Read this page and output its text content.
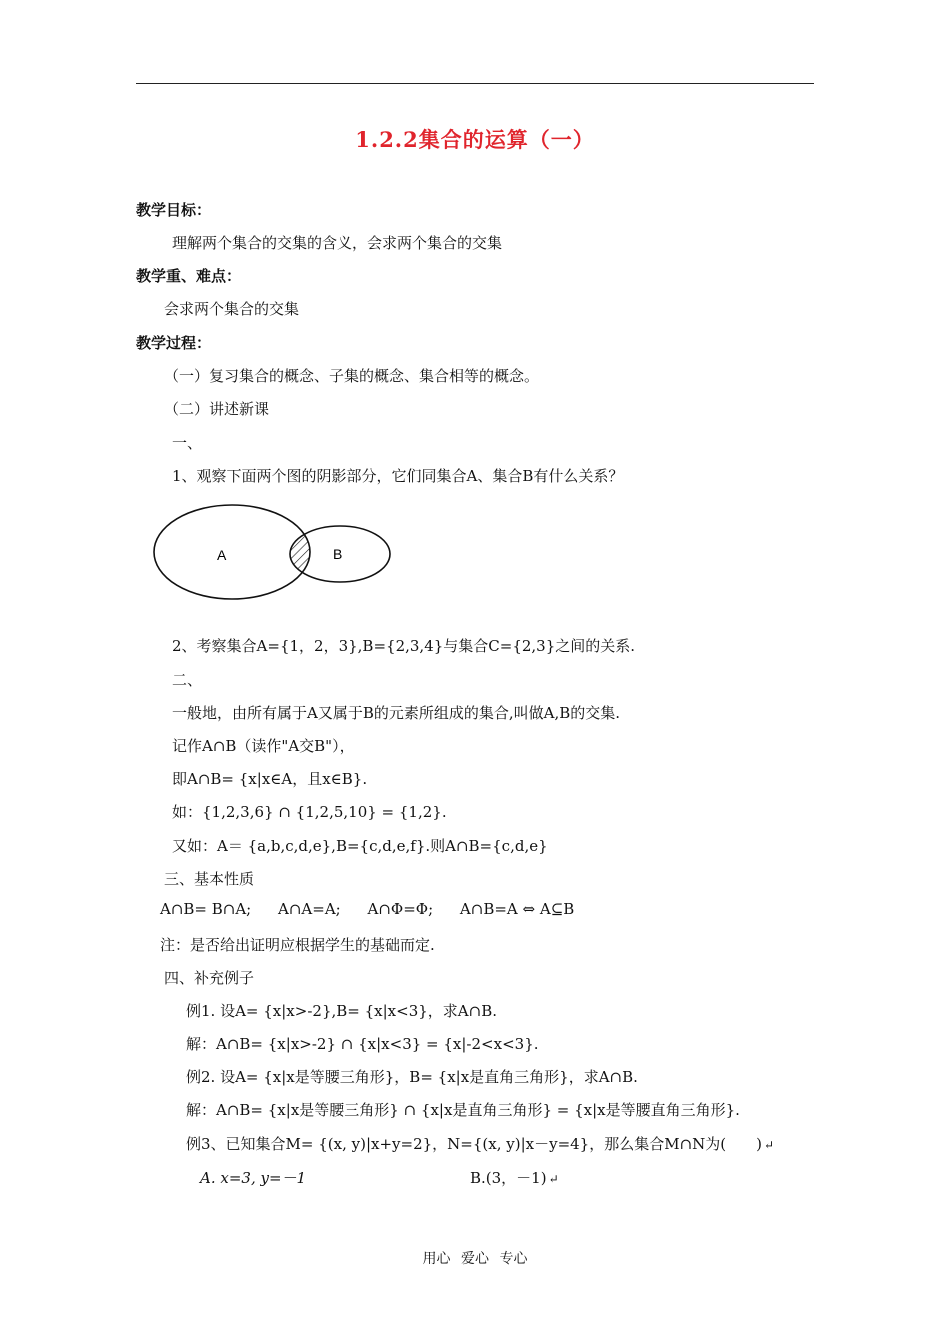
1.2.2集合的运算（一）
教学目标：
理解两个集合的交集的含义，会求两个集合的交集
教学重、难点：
会求两个集合的交集
教学过程：
（一）复习集合的概念、子集的概念、集合相等的概念。
（二）讲述新课
一、
1、观察下面两个图的阴影部分，它们同集合A、集合B有什么关系？
A	B
2、考察集合A={1，2，3},B={2,3,4}与集合C={2,3}之间的关系.
二、
一般地，由所有属于A又属于B的元素所组成的集合,叫做A,B的交集.
记作A∩B（读作"A交B"），
即A∩B= {x|x∈A，且x∈B}.
如：{1,2,3,6} ∩ {1,2,5,10} = {1,2}.
又如：A＝ {a,b,c,d,e},B={c,d,e,f}.则A∩B={c,d,e}
三、基本性质
A∩B= B∩A; A∩A=A; A∩Φ=Φ; A∩B=A ⇔ A⊆B
注：是否给出证明应根据学生的基础而定.
四、补充例子
例1. 设A= {x|x>-2},B= {x|x<3}，求A∩B.
解：A∩B= {x|x>-2} ∩ {x|x<3} = {x|-2<x<3}.
例2. 设A= {x|x是等腰三角形}，B= {x|x是直角三角形}，求A∩B.
解：A∩B= {x|x是等腰三角形} ∩ {x|x是直角三角形} = {x|x是等腰直角三角形}.
例3、已知集合M= {(x, y)|x+y=2}，N={(x, y)|x－y=4}，那么集合M∩N为(　　) ↵
A. x=3, y=－1	B.(3，－1) ↵
用心 爱心 专心
